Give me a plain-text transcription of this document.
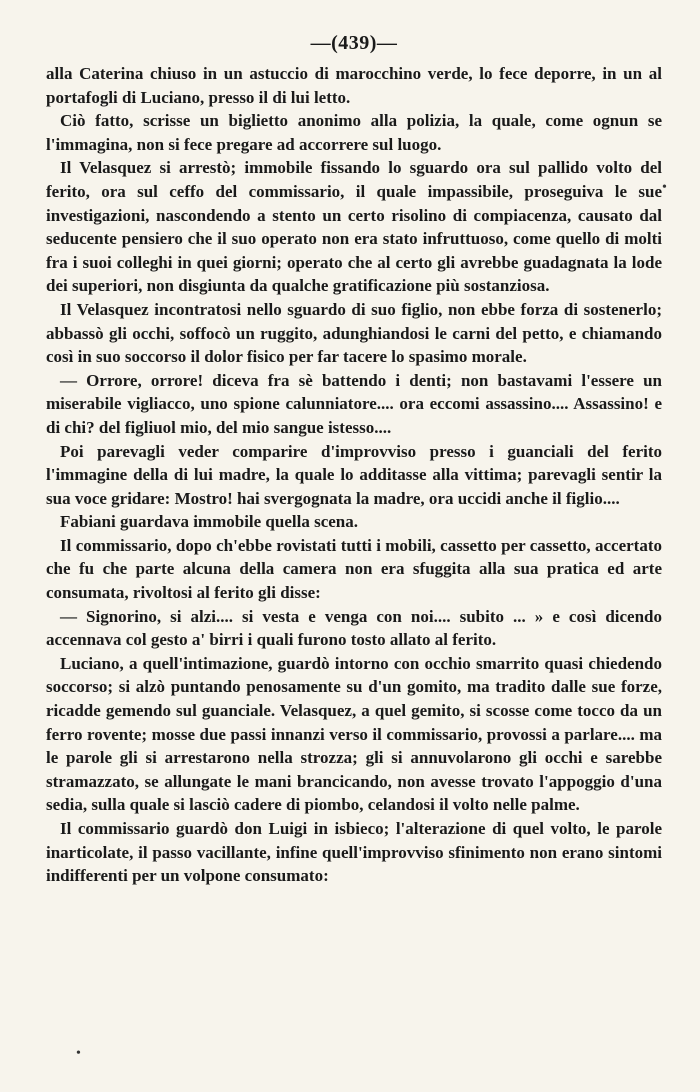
—(439)—

alla Caterina chiuso in un astuccio di marocchino verde, lo fece deporre, in un al portafogli di Luciano, presso il di lui letto.

Ciò fatto, scrisse un biglietto anonimo alla polizia, la quale, come ognun se l'immagina, non si fece pregare ad accorrere sul luogo.

Il Velasquez si arrestò; immobile fissando lo sguardo ora sul pallido volto del ferito, ora sul ceffo del commissario, il quale impassibile, proseguiva le sue investigazioni, nascondendo a stento un certo risolino di compiacenza, causato dal seducente pensiero che il suo operato non era stato infruttuoso, come quello di molti fra i suoi colleghi in quei giorni; operato che al certo gli avrebbe guadagnata la lode dei superiori, non disgiunta da qualche gratificazione più sostanziosa.

Il Velasquez incontratosi nello sguardo di suo figlio, non ebbe forza di sostenerlo; abbassò gli occhi, soffocò un ruggito, adunghiandosi le carni del petto, e chiamando così in suo soccorso il dolor fisico per far tacere lo spasimo morale.

— Orrore, orrore! diceva fra sè battendo i denti; non bastavami l'essere un miserabile vigliacco, uno spione calunniatore.... ora eccomi assassino.... Assassino! e di chi? del figliuol mio, del mio sangue istesso....

Poi parevagli veder comparire d'improvviso presso i guanciali del ferito l'immagine della di lui madre, la quale lo additasse alla vittima; parevagli sentir la sua voce gridare: Mostro! hai svergognata la madre, ora uccidi anche il figlio....

Fabiani guardava immobile quella scena.

Il commissario, dopo ch'ebbe rovistati tutti i mobili, cassetto per cassetto, accertato che fu che parte alcuna della camera non era sfuggita alla sua pratica ed arte consumata, rivoltosi al ferito gli disse:

— Signorino, si alzi.... si vesta e venga con noi.... subito ... » e così dicendo accennava col gesto a' birri i quali furono tosto allato al ferito.

Luciano, a quell'intimazione, guardò intorno con occhio smarrito quasi chiedendo soccorso; si alzò puntando penosamente su d'un gomito, ma tradito dalle sue forze, ricadde gemendo sul guanciale. Velasquez, a quel gemito, si scosse come tocco da un ferro rovente; mosse due passi innanzi verso il commissario, provossi a parlare.... ma le parole gli si arrestarono nella strozza; gli si annuvolarono gli occhi e sarebbe stramazzato, se allungate le mani brancicando, non avesse trovato l'appoggio d'una sedia, sulla quale si lasciò cadere di piombo, celandosi il volto nelle palme.

Il commissario guardò don Luigi in isbieco; l'alterazione di quel volto, le parole inarticolate, il passo vacillante, infine quell'improvviso sfinimento non erano sintomi indifferenti per un volpone consumato:

•
•
